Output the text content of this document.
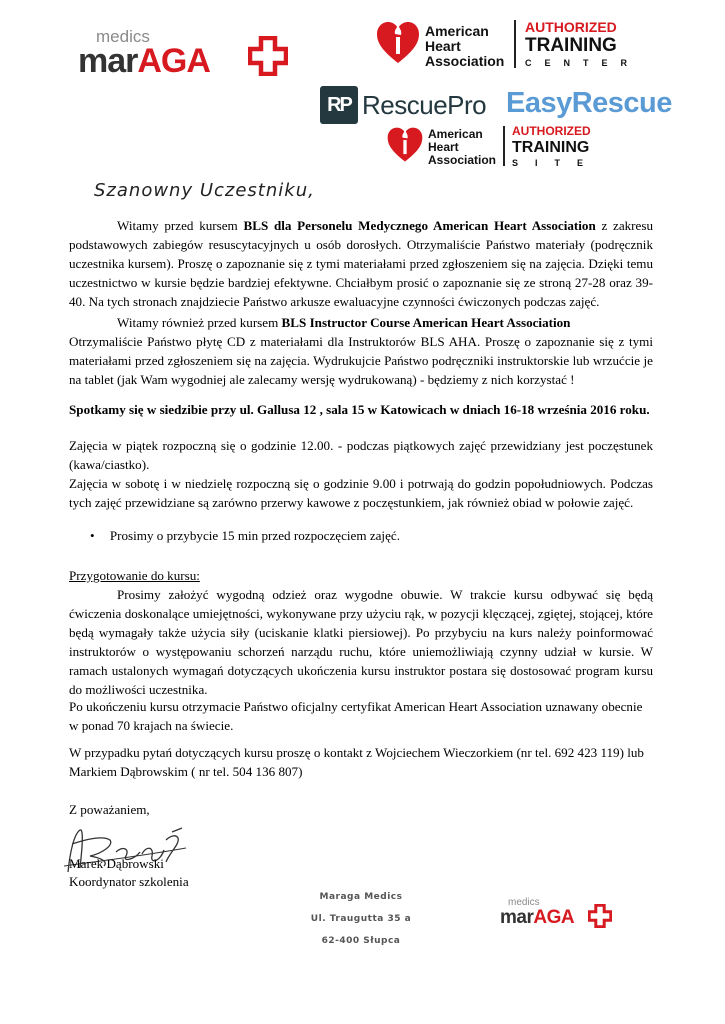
medics
marAGA
American
Heart
Association
AUTHORIZED
TRAINING
CENTER
RP RescuePro EasyRescue
American
Heart
Association
AUTHORIZED
TRAINING
SITE
Szanowny Uczestniku,
Witamy przed kursem BLS dla Personelu Medycznego American Heart Association z zakresu podstawowych zabiegów resuscytacyjnych u osób dorosłych. Otrzymaliście Państwo materiały (podręcznik uczestnika kursem). Proszę o zapoznanie się z tymi materiałami przed zgłoszeniem się na zajęcia. Dzięki temu uczestnictwo w kursie będzie bardziej efektywne. Chciałbym prosić o zapoznanie się ze stroną 27-28 oraz 39-40. Na tych stronach znajdziecie Państwo arkusze ewaluacyjne czynności ćwiczonych podczas zajęć.
Witamy również przed kursem BLS Instructor Course American Heart Association
Otrzymaliście Państwo płytę CD z materiałami dla Instruktorów BLS AHA. Proszę o zapoznanie się z tymi materiałami przed zgłoszeniem się na zajęcia. Wydrukujcie Państwo podręczniki instruktorskie lub wrzućcie je na tablet (jak Wam wygodniej ale zalecamy wersję wydrukowaną) - będziemy z nich korzystać !
Spotkamy się w siedzibie przy ul. Gallusa 12 , sala 15 w Katowicach w dniach 16-18 września 2016 roku.
Zajęcia w piątek rozpoczną się o godzinie 12.00. - podczas piątkowych zajęć przewidziany jest poczęstunek (kawa/ciastko).
Zajęcia w sobotę i w niedzielę rozpoczną się o godzinie 9.00 i potrwają do godzin popołudniowych. Podczas tych zajęć przewidziane są zarówno przerwy kawowe z poczęstunkiem, jak również obiad w połowie zajęć.
• Prosimy o przybycie 15 min przed rozpoczęciem zajęć.
Przygotowanie do kursu:
Prosimy założyć wygodną odzież oraz wygodne obuwie. W trakcie kursu odbywać się będą ćwiczenia doskonalące umiejętności, wykonywane przy użyciu rąk, w pozycji klęczącej, zgiętej, stojącej, które będą wymagały także użycia siły (uciskanie klatki piersiowej). Po przybyciu na kurs należy poinformować instruktorów o występowaniu schorzeń narządu ruchu, które uniemożliwiają czynny udział w kursie. W ramach ustalonych wymagań dotyczących ukończenia kursu instruktor postara się dostosować program kursu do możliwości uczestnika.
Po ukończeniu kursu otrzymacie Państwo oficjalny certyfikat American Heart Association uznawany obecnie w ponad 70 krajach na świecie.
W przypadku pytań dotyczących kursu proszę o kontakt z Wojciechem Wieczorkiem (nr tel. 692 423 119) lub Markiem Dąbrowskim ( nr tel. 504 136 807)
Z poważaniem,
Marek Dąbrowski
Koordynator szkolenia
Maraga Medics
Ul. Traugutta 35 a
62-400 Słupca
medics
marAGA
